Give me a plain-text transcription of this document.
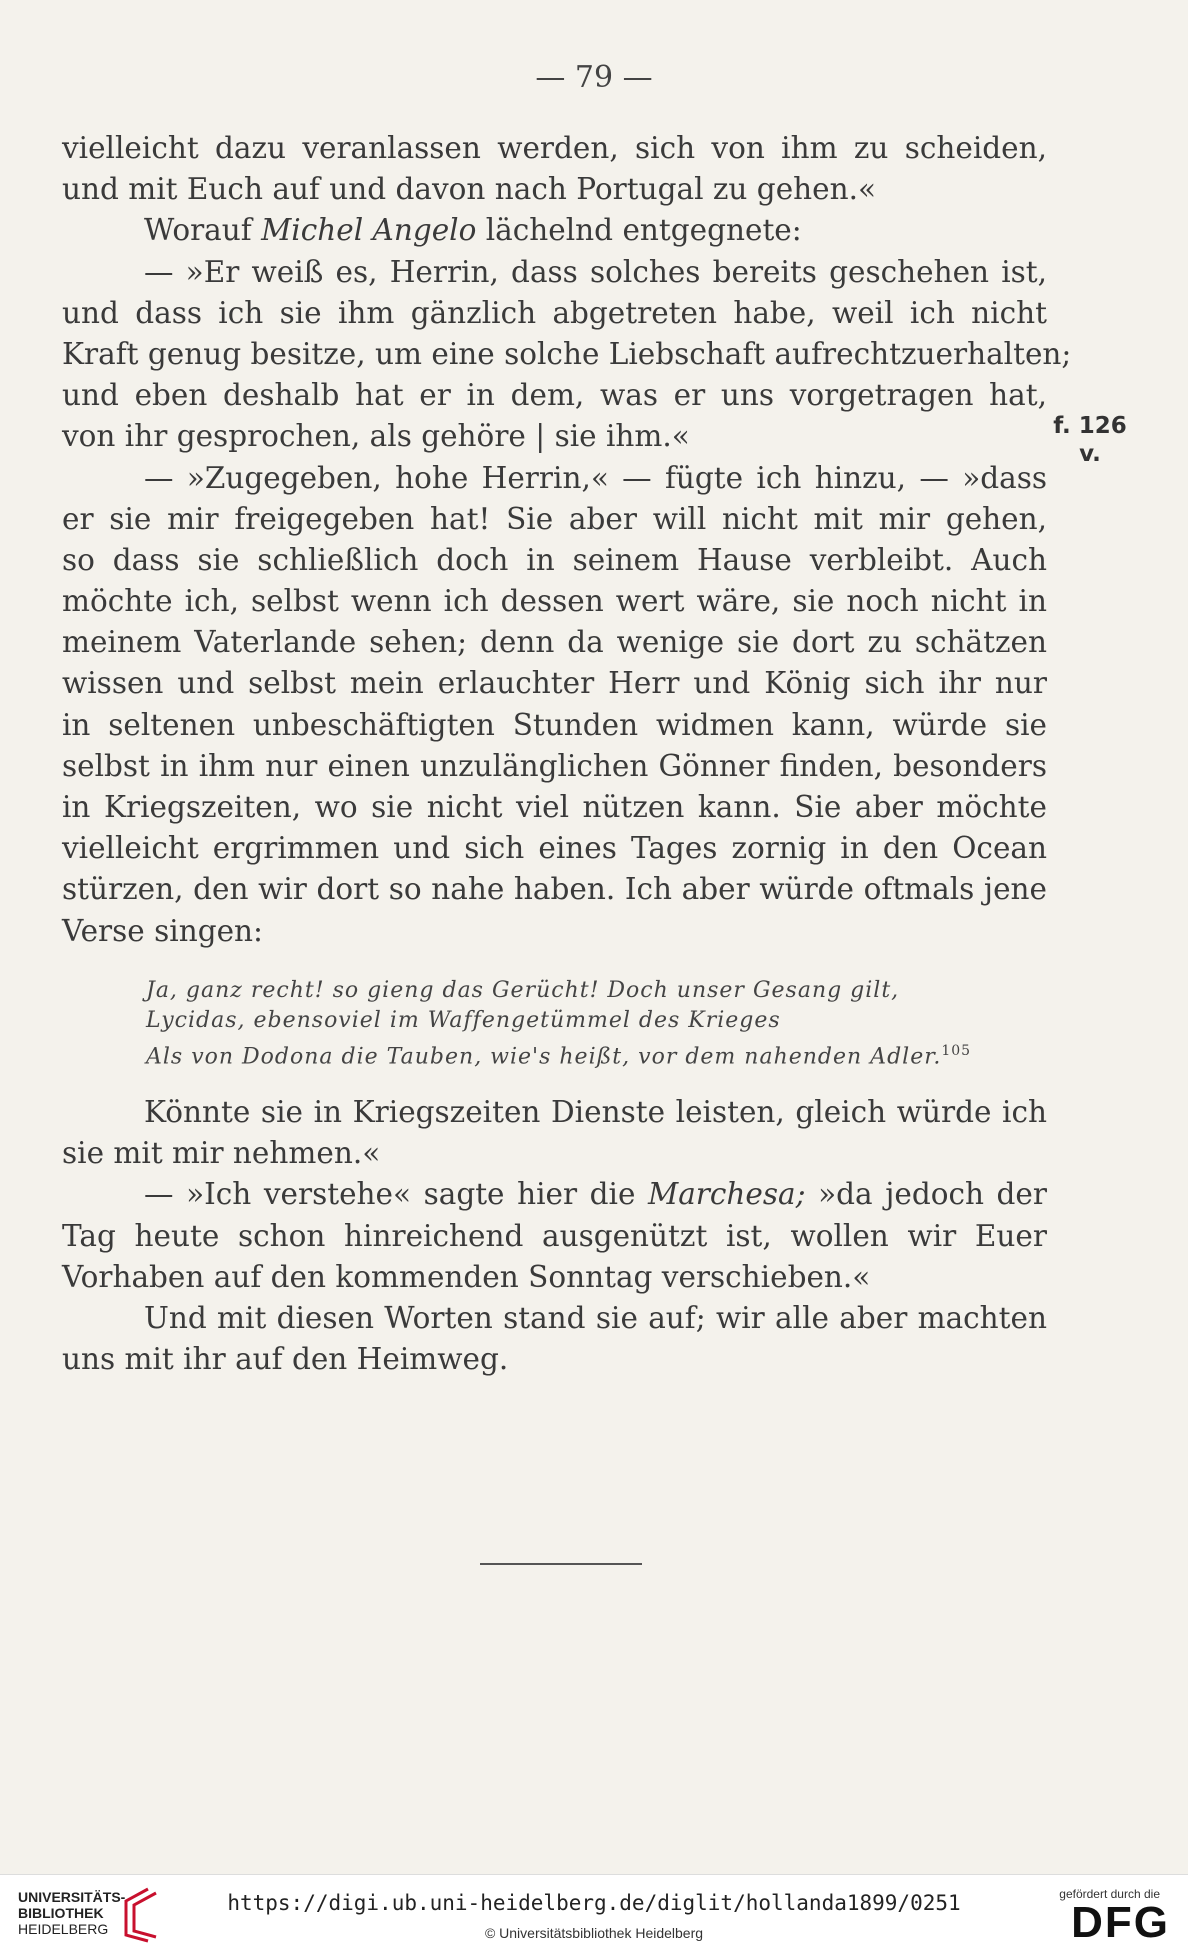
— 79 —
vielleicht dazu veranlassen werden, sich von ihm zu scheiden,
und mit Euch auf und davon nach Portugal zu gehen.«
Worauf Michel Angelo lächelnd entgegnete:
— »Er weiß es, Herrin, dass solches bereits geschehen ist,
und dass ich sie ihm gänzlich abgetreten habe, weil ich nicht
Kraft genug besitze, um eine solche Liebschaft aufrechtzuerhalten;
und eben deshalb hat er in dem, was er uns vorgetragen hat,
von ihr gesprochen, als gehöre | sie ihm.«
— »Zugegeben, hohe Herrin,« — fügte ich hinzu, — »dass
er sie mir freigegeben hat! Sie aber will nicht mit mir gehen,
so dass sie schließlich doch in seinem Hause verbleibt. Auch
möchte ich, selbst wenn ich dessen wert wäre, sie noch nicht in
meinem Vaterlande sehen; denn da wenige sie dort zu schätzen
wissen und selbst mein erlauchter Herr und König sich ihr nur
in seltenen unbeschäftigten Stunden widmen kann, würde sie
selbst in ihm nur einen unzulänglichen Gönner finden, besonders
in Kriegszeiten, wo sie nicht viel nützen kann. Sie aber möchte
vielleicht ergrimmen und sich eines Tages zornig in den Ocean
stürzen, den wir dort so nahe haben. Ich aber würde oftmals jene
Verse singen:
Ja, ganz recht! so gieng das Gerücht! Doch unser Gesang gilt,
Lycidas, ebensoviel im Waffengetümmel des Krieges
Als von Dodona die Tauben, wie's heißt, vor dem nahenden Adler.$^{105}$
Könnte sie in Kriegszeiten Dienste leisten, gleich würde ich
sie mit mir nehmen.«
— »Ich verstehe« sagte hier die Marchesa; »da jedoch der
Tag heute schon hinreichend ausgenützt ist, wollen wir Euer
Vorhaben auf den kommenden Sonntag verschieben.«
Und mit diesen Worten stand sie auf; wir alle aber machten
uns mit ihr auf den Heimweg.
f. 126
v.
UNIVERSITÄTS-
BIBLIOTHEK
HEIDELBERG
https://digi.ub.uni-heidelberg.de/diglit/hollanda1899/0251
© Universitätsbibliothek Heidelberg
gefördert durch die
DFG
